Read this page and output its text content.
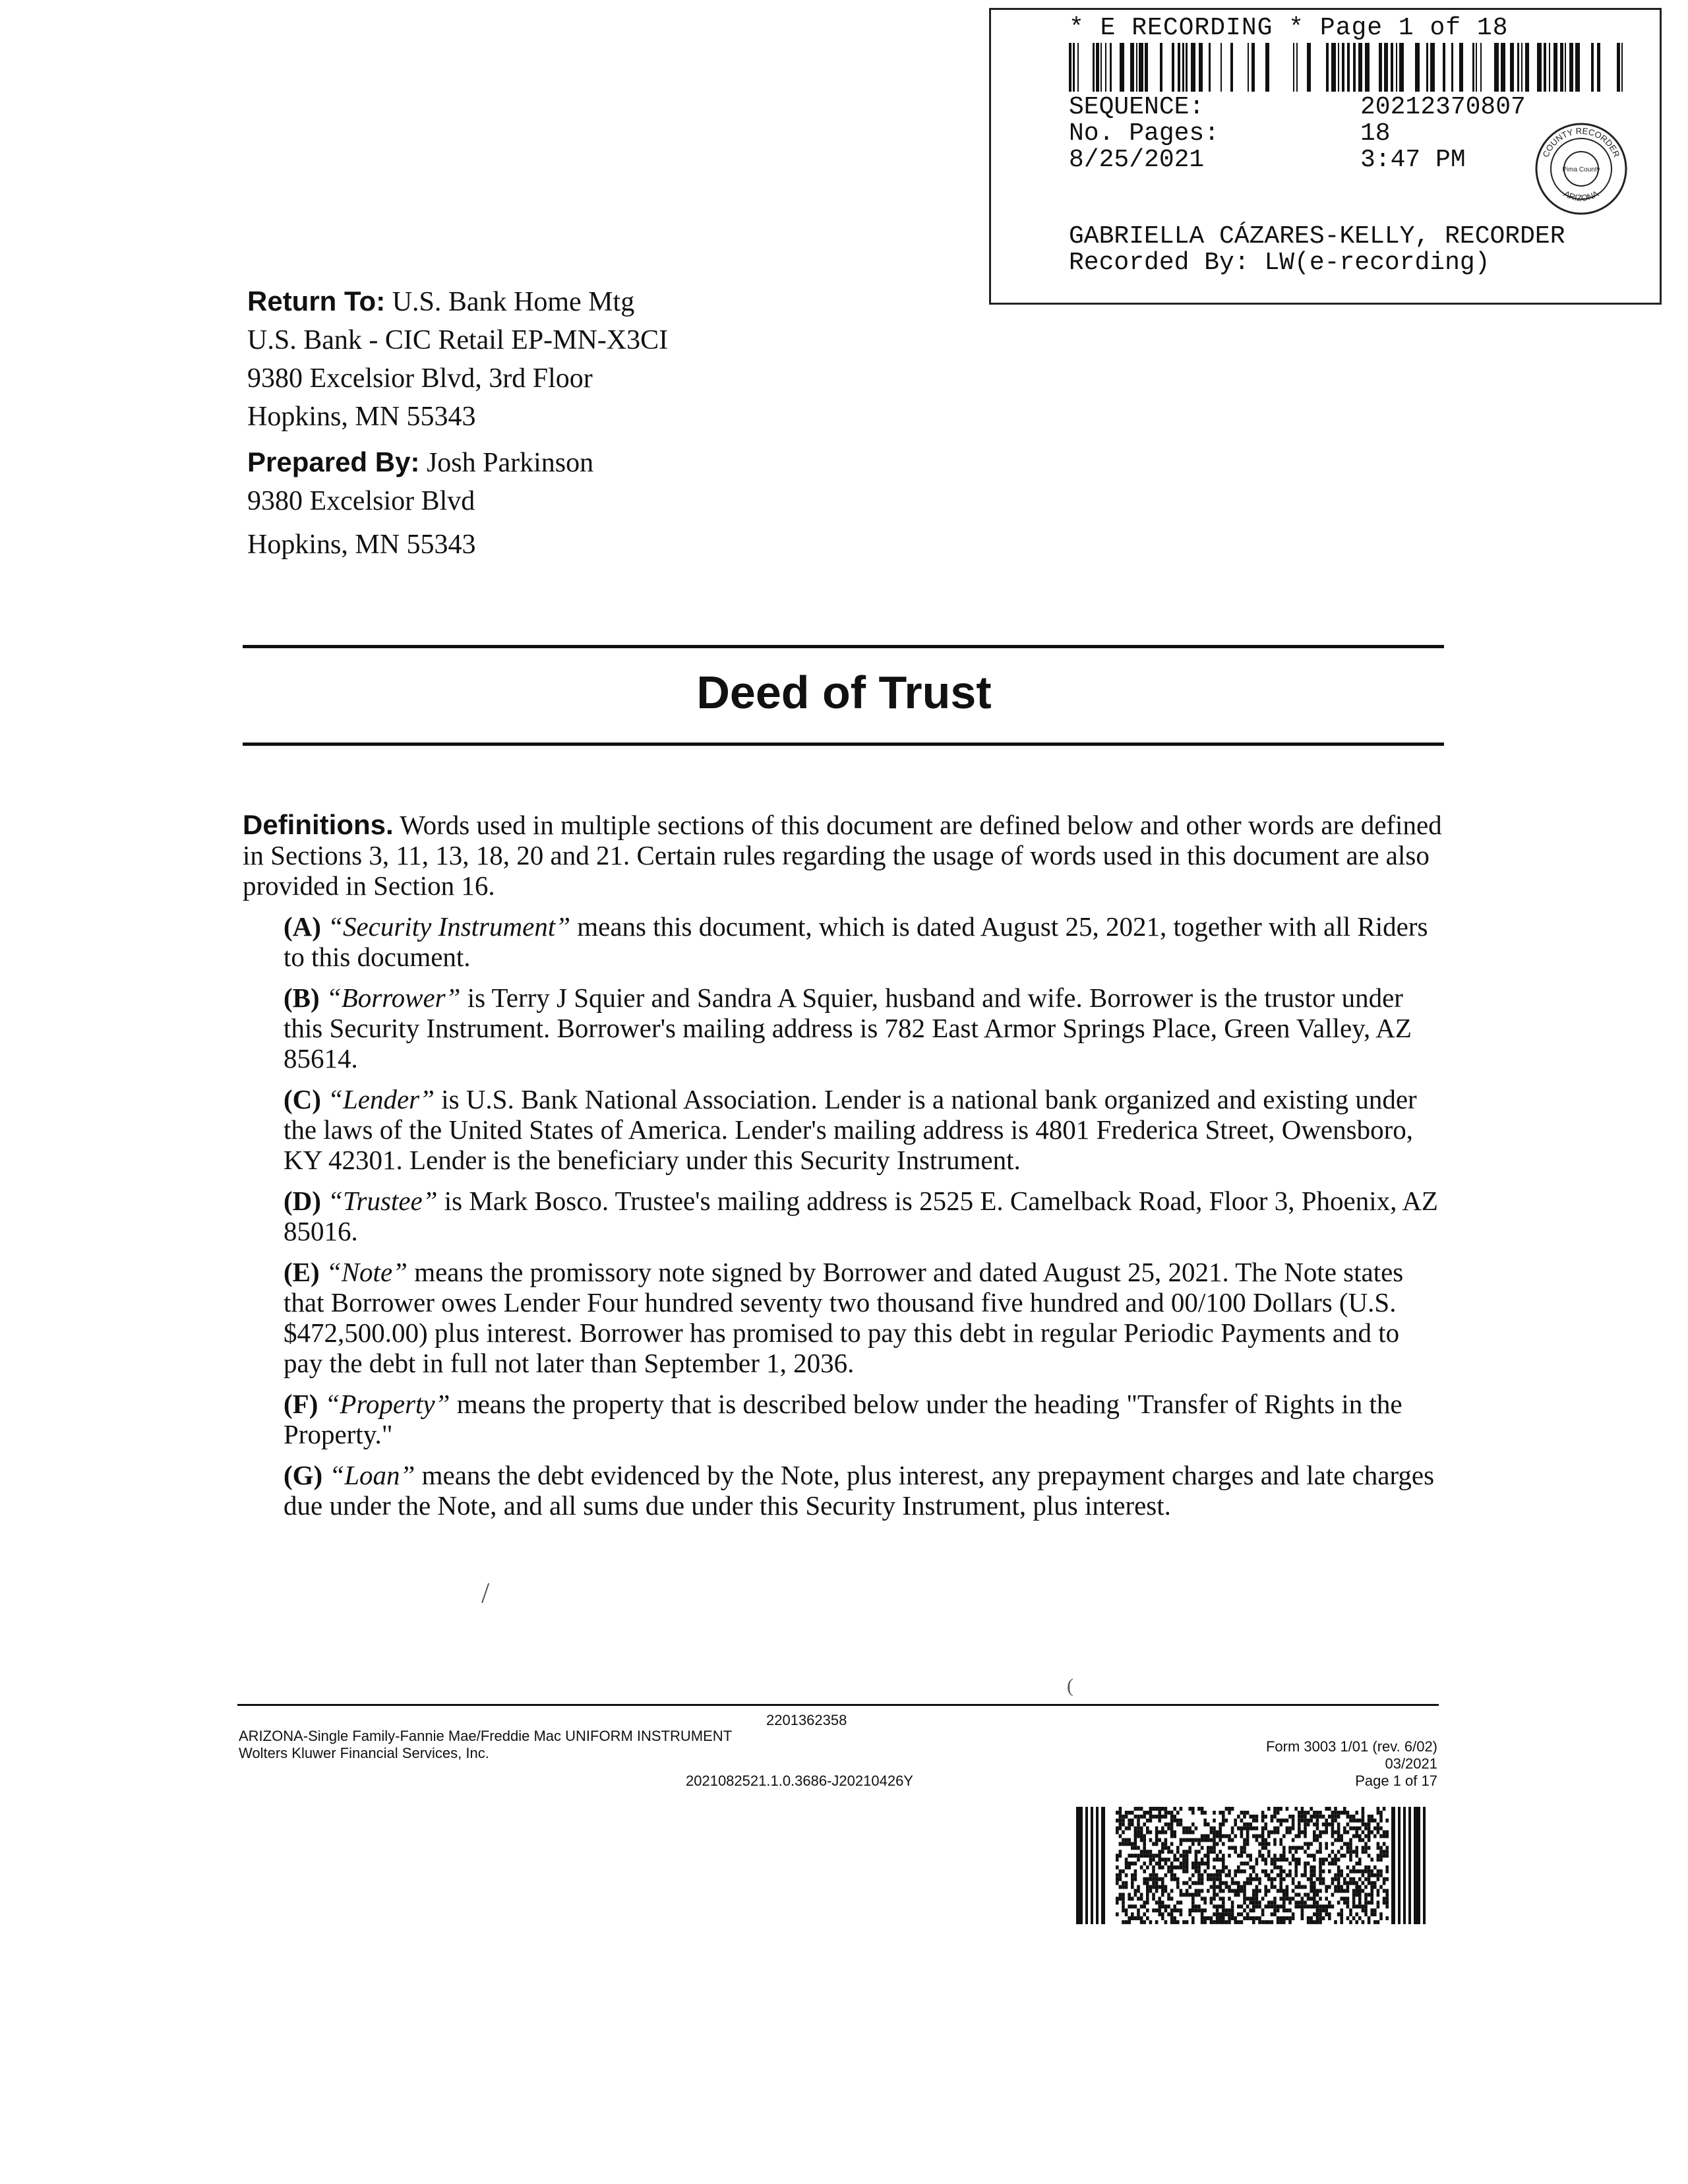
* E RECORDING * Page 1 of 18
SEQUENCE:	20212370807
No. Pages:	18
8/25/2021	3:47 PM	COUNTY RECORDER
Pima County
ARIZONA
GABRIELLA CÁZARES-KELLY, RECORDER
Recorded By: LW(e-recording)
Return To: U.S. Bank Home Mtg
U.S. Bank - CIC Retail EP-MN-X3CI
9380 Excelsior Blvd, 3rd Floor
Hopkins, MN 55343
Prepared By: Josh Parkinson
9380 Excelsior Blvd
Hopkins, MN 55343
Deed of Trust
Definitions. Words used in multiple sections of this document are defined below and other words are defined in Sections 3, 11, 13, 18, 20 and 21. Certain rules regarding the usage of words used in this document are also provided in Section 16.
(A) “Security Instrument” means this document, which is dated August 25, 2021, together with all Riders to this document.
(B) “Borrower” is Terry J Squier and Sandra A Squier, husband and wife. Borrower is the trustor under this Security Instrument. Borrower's mailing address is 782 East Armor Springs Place, Green Valley, AZ 85614.
(C) “Lender” is U.S. Bank National Association. Lender is a national bank organized and existing under the laws of the United States of America. Lender's mailing address is 4801 Frederica Street, Owensboro, KY 42301. Lender is the beneficiary under this Security Instrument.
(D) “Trustee” is Mark Bosco. Trustee's mailing address is 2525 E. Camelback Road, Floor 3, Phoenix, AZ 85016.
(E) “Note” means the promissory note signed by Borrower and dated August 25, 2021. The Note states that Borrower owes Lender Four hundred seventy two thousand five hundred and 00/100 Dollars (U.S. $472,500.00) plus interest. Borrower has promised to pay this debt in regular Periodic Payments and to pay the debt in full not later than September 1, 2036.
(F) “Property” means the property that is described below under the heading "Transfer of Rights in the Property."
(G) “Loan” means the debt evidenced by the Note, plus interest, any prepayment charges and late charges due under the Note, and all sums due under this Security Instrument, plus interest.
/
(
2201362358
ARIZONA-Single Family-Fannie Mae/Freddie Mac UNIFORM INSTRUMENT
Wolters Kluwer Financial Services, Inc.
2021082521.1.0.3686-J20210426Y
Form 3003 1/01 (rev. 6/02)
03/2021
Page 1 of 17
